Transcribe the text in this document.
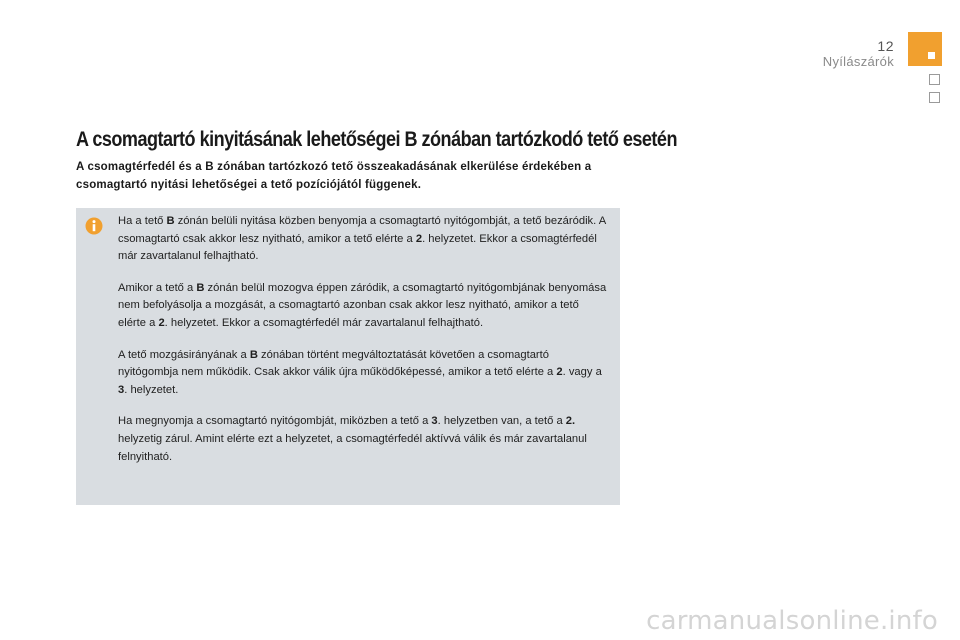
12
Nyílászárók
A csomagtartó kinyitásának lehetőségei B zónában tartózkodó tető esetén

A csomagtérfedél és a B zónában tartózkozó tető összeakadásának elkerülése érdekében a csomagtartó nyitási lehetőségei a tető pozíciójától függenek.

Ha a tető B zónán belüli nyitása közben benyomja a csomagtartó nyitógombját, a tető bezáródik. A csomagtartó csak akkor lesz nyitható, amikor a tető elérte a 2. helyzetet. Ekkor a csomagtérfedél már zavartalanul felhajtható.

Amikor a tető a B zónán belül mozogva éppen záródik, a csomagtartó nyitógombjának benyomása nem befolyásolja a mozgását, a csomagtartó azonban csak akkor lesz nyitható, amikor a tető elérte a 2. helyzetet. Ekkor a csomagtérfedél már zavartalanul felhajtható.

A tető mozgásirányának a B zónában történt megváltoztatását követően a csomagtartó nyitógombja nem működik. Csak akkor válik újra működőképessé, amikor a tető elérte a 2. vagy a 3. helyzetet.

Ha megnyomja a csomagtartó nyitógombját, miközben a tető a 3. helyzetben van, a tető a 2. helyzetig zárul. Amint elérte ezt a helyzetet, a csomagtérfedél aktívvá válik és már zavartalanul felnyitható.

carmanualsonline.info
